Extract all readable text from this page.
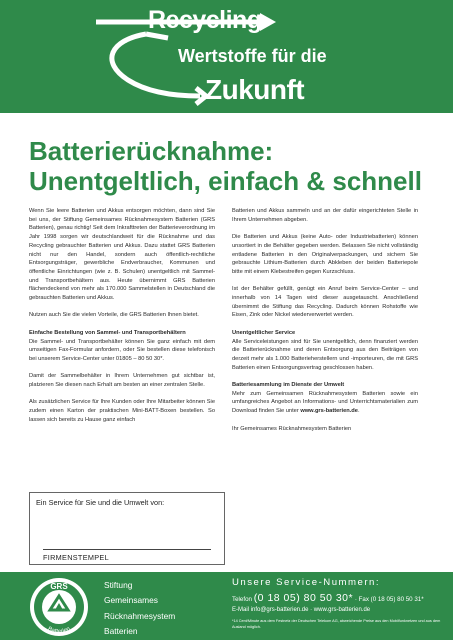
Recycling
Wertstoffe für die
Zukunft
Batterierücknahme:
Unentgeltlich, einfach & schnell

Wenn Sie leere Batterien und Akkus entsorgen möchten, dann sind Sie bei uns, der Stiftung Gemeinsames Rücknahmesystem Batterien (GRS Batterien), genau richtig! Seit dem Inkrafttreten der Batterieverordnung im Jahr 1998 sorgen wir deutschlandweit für die Rücknahme und das Recycling gebrauchter Batterien und Akkus. Dazu stattet GRS Batterien nicht nur den Handel, sondern auch öffentlich-rechtliche Entsorgungsträger, gewerbliche Endverbraucher, Kommunen und öffentliche Einrichtungen (wie z. B. Schulen) unentgeltlich mit Sammel- und Transportbehältern aus. Heute übernimmt GRS Batterien flächendeckend von mehr als 170.000 Sammelstellen in Deutschland die gebrauchten Batterien und Akkus.

Nutzen auch Sie die vielen Vorteile, die GRS Batterien Ihnen bietet.

Einfache Bestellung von Sammel- und Transportbehältern
Die Sammel- und Transportbehälter können Sie ganz einfach mit dem umseitigen Fax-Formular anfordern, oder Sie bestellen diese telefonisch bei unserem Service-Center unter 01805 – 80 50 30*.

Damit der Sammelbehälter in Ihrem Unternehmen gut sichtbar ist, platzieren Sie diesen nach Erhalt am besten an einer zentralen Stelle.

Als zusätzlichen Service für Ihre Kunden oder Ihre Mitarbeiter können Sie zudem einen Karton der praktischen Mini-BATT-Boxen bestellen. So lassen sich bereits zu Hause ganz einfach

Batterien und Akkus sammeln und an der dafür eingerichteten Stelle in Ihrem Unternehmen abgeben.

Die Batterien und Akkus (keine Auto- oder Industriebatterien) können unsortiert in die Behälter gegeben werden. Belassen Sie nicht vollständig entladene Batterien in den Originalverpackungen, und sichern Sie gebrauchte Lithium-Batterien durch Abkleben der beiden Batteriepole bitte mit einem Klebestreifen gegen Kurzschluss.

Ist der Behälter gefüllt, genügt ein Anruf beim Service-Center – und innerhalb von 14 Tagen wird dieser ausgetauscht. Anschließend übernimmt die Stiftung das Recycling. Dadurch können Rohstoffe wie Eisen, Zink oder Nickel wiederverwertet werden.

Unentgeltlicher Service
Alle Serviceleistungen sind für Sie unentgeltlich, denn finanziert werden die Batterierücknahme und deren Entsorgung aus den Beiträgen von derzeit mehr als 1.000 Batterieherstellern und -importeuren, die mit GRS Batterien einen Entsorgungsvertrag geschlossen haben.

Batteriesammlung im Dienste der Umwelt
Mehr zum Gemeinsamen Rücknahmesystem Batterien sowie ein umfangreiches Angebot an Informations- und Unterrichtsmaterialien zum Download finden Sie unter www.grs-batterien.de.

Ihr Gemeinsames Rücknahmesystem Batterien

Ein Service für Sie und die Umwelt von:
FIRMENSTEMPEL
Stiftung
Gemeinsames
Rücknahmesystem
Batterien
Unsere Service-Nummern:
Telefon (0 18 05) 80 50 30* · Fax (0 18 05) 80 50 31*
E-Mail info@grs-batterien.de · www.grs-batterien.de
*14 Cent/Minute aus dem Festnetz der Deutschen Telekom AG, abweichende Preise aus den Mobilfunknetzen und aus dem Ausland möglich.
GRS
Batterien
